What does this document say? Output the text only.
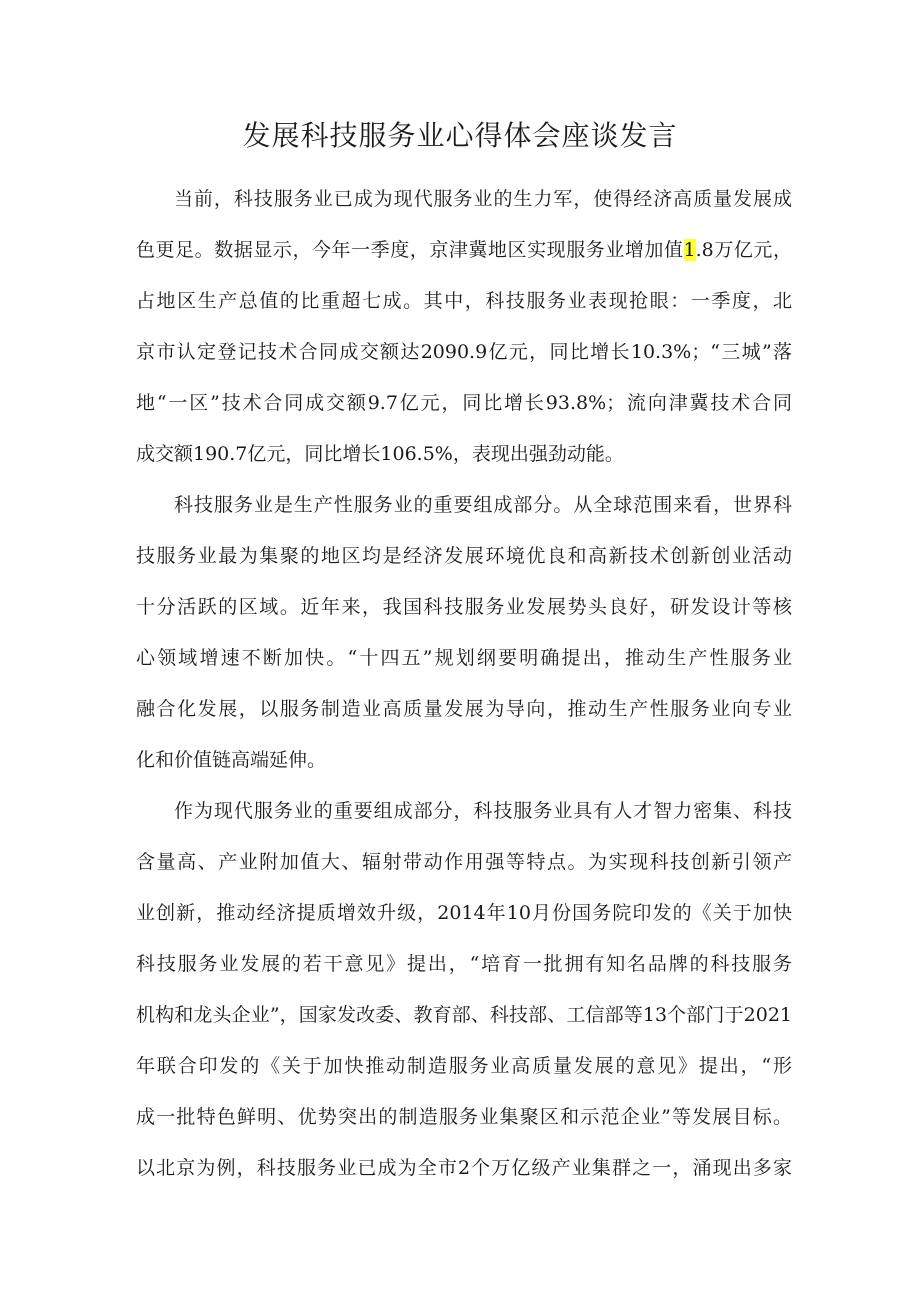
发展科技服务业心得体会座谈发言
当前，科技服务业已成为现代服务业的生力军，使得经济高质量发展成
色更足。数据显示，今年一季度，京津冀地区实现服务业增加值1.8万亿元，
占地区生产总值的比重超七成。其中，科技服务业表现抢眼：一季度，北
京市认定登记技术合同成交额达2090.9亿元，同比增长10.3%；“三城”落
地“一区”技术合同成交额9.7亿元，同比增长93.8%；流向津冀技术合同
成交额190.7亿元，同比增长106.5%，表现出强劲动能。
科技服务业是生产性服务业的重要组成部分。从全球范围来看，世界科
技服务业最为集聚的地区均是经济发展环境优良和高新技术创新创业活动
十分活跃的区域。近年来，我国科技服务业发展势头良好，研发设计等核
心领域增速不断加快。“十四五”规划纲要明确提出，推动生产性服务业
融合化发展，以服务制造业高质量发展为导向，推动生产性服务业向专业
化和价值链高端延伸。
作为现代服务业的重要组成部分，科技服务业具有人才智力密集、科技
含量高、产业附加值大、辐射带动作用强等特点。为实现科技创新引领产
业创新，推动经济提质增效升级，2014年10月份国务院印发的《关于加快
科技服务业发展的若干意见》提出，“培育一批拥有知名品牌的科技服务
机构和龙头企业”，国家发改委、教育部、科技部、工信部等13个部门于2021
年联合印发的《关于加快推动制造服务业高质量发展的意见》提出，“形
成一批特色鲜明、优势突出的制造服务业集聚区和示范企业”等发展目标。
以北京为例，科技服务业已成为全市2个万亿级产业集群之一，涌现出多家
